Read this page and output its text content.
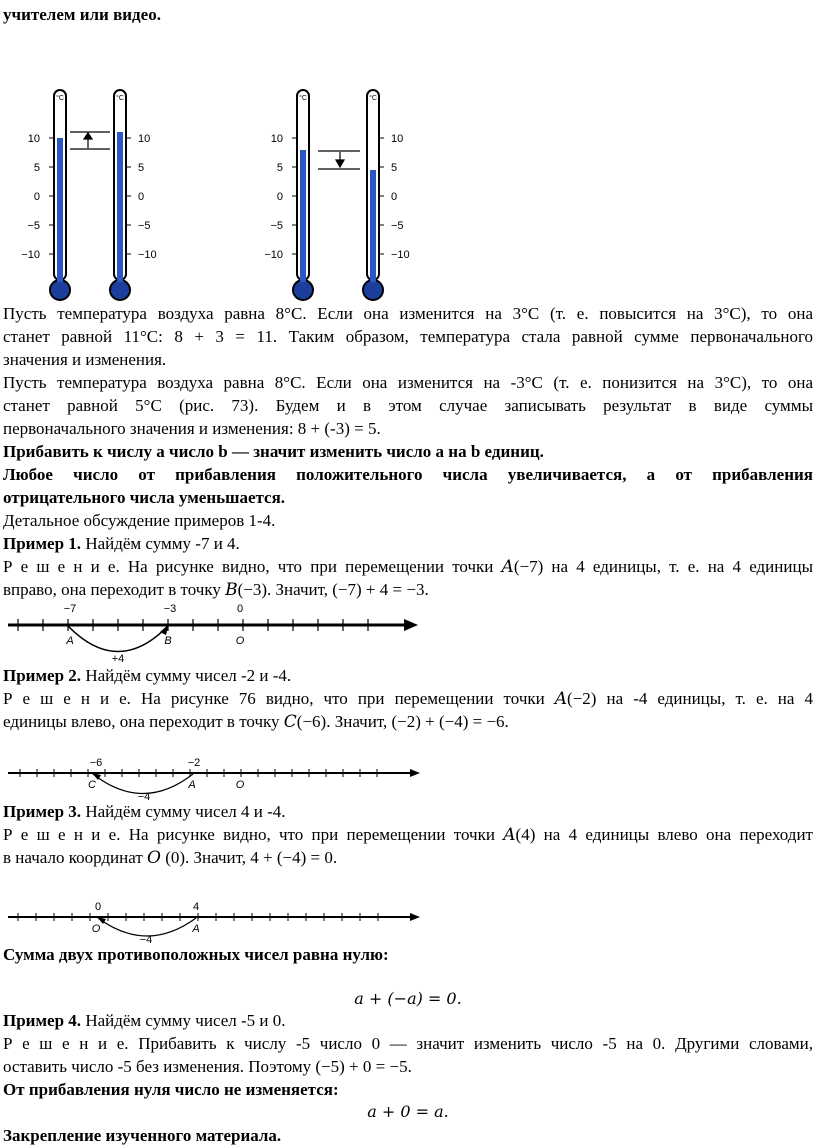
учителем или видео.
10
5
0
−5
−10
10
5
0
−5
−10
10
5
0
−5
−10
10
5
0
−5
−10
Пусть температура воздуха равна 8°С. Если она изменится на 3°С (т. е. повысится на 3°С), то она
станет равной 11°С: 8 + 3 = 11. Таким образом, температура стала равной сумме первоначального
значения и изменения.
Пусть температура воздуха равна 8°С. Если она изменится на -3°С (т. е. понизится на 3°С), то она
станет равной 5°С (рис. 73). Будем и в этом случае записывать результат в виде суммы
первоначального значения и изменения: 8 + (-3) = 5.
Прибавить к числу a число b — значит изменить число a на b единиц.
Любое число от прибавления положительного числа увеличивается, а от прибавления
отрицательного числа уменьшается.
Детальное обсуждение примеров 1-4.
Пример 1. Найдём сумму -7 и 4.
Р е ш е н и е. На рисунке видно, что при перемещении точки 𝐴(−7) на 4 единицы, т. е. на 4 единицы
вправо, она переходит в точку 𝐵(−3). Значит, (−7) + 4 = −3.
−7	−3	0
A	B	O
+4
Пример 2. Найдём сумму чисел -2 и -4.
Р е ш е н и е. На рисунке 76 видно, что при перемещении точки 𝐴(−2) на -4 единицы, т. е. на 4
единицы влево, она переходит в точку 𝐶(−6). Значит, (−2) + (−4) = −6.
−6	−2
C	A	O
−4
Пример 3. Найдём сумму чисел 4 и -4.
Р е ш е н и е. На рисунке видно, что при перемещении точки 𝐴(4) на 4 единицы влево она переходит
в начало координат 𝑂 (0). Значит, 4 + (−4) = 0.
0	4
O	A
−4
Сумма двух противоположных чисел равна нулю:
𝑎 + (−𝑎) = 0.
Пример 4. Найдём сумму чисел -5 и 0.
Р е ш е н и е. Прибавить к числу -5 число 0 — значит изменить число -5 на 0. Другими словами,
оставить число -5 без изменения. Поэтому (−5) + 0 = −5.
От прибавления нуля число не изменяется:
𝑎 + 0 = 𝑎.
Закрепление изученного материала.
